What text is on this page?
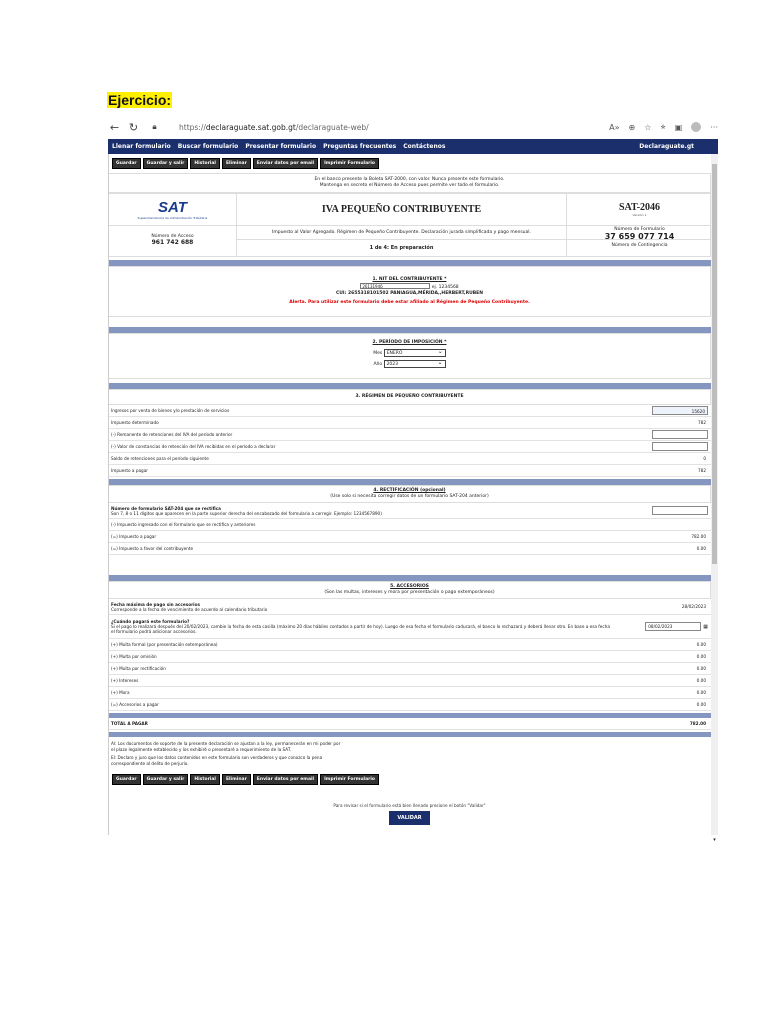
Ejercicio:
← ↻	🔒︎	https://declaraguate.sat.gob.gt/declaraguate-web/	A» ⊕ ☆ ⭐︎ ▣	···
Llenar formulario Buscar formulario Presentar formulario Preguntas frecuentes Contáctenos	Declaraguate.gt
Guardar	Guardar y salir	Historial	Eliminar	Enviar datos por email	Imprimir Formulario
En el banco presente la Boleta SAT-2000, con valor. Nunca presente este formulario.
Mantenga en secreto el Número de Acceso pues permite ver todo el formulario.
SAT
Superintendencia de Administración Tributaria
Número de Acceso
961 742 688
IVA PEQUEÑO CONTRIBUYENTE
Impuesto al Valor Agregado. Régimen de Pequeño Contribuyente. Declaración jurada simplificada y pago mensual.
1 de 4: En preparación
SAT-2046
Versión 1
Número de Formulario
37 659 077 714
Número de Contingencia
1. NIT DEL CONTRIBUYENTE *
26131946	ej. 1234568
CUI: 2655318101502 PANIAGUA,MÉRIDA,,HERBERT,RUBEN
Alerta. Para utilizar este formulario debe estar afiliado al Régimen de Pequeño Contribuyente.
2. PERÍODO DE IMPOSICIÓN *
Mes ENERO ⌄
Año 2023 ⌄
3. RÉGIMEN DE PEQUEÑO CONTRIBUYENTE
Ingresos por venta de bienes y/o prestación de servicios	15620
Impuesto determinado	782
(-) Remanente de retenciones del IVA del período anterior
(-) Valor de constancias de retención del IVA recibidas en el período a declarar
Saldo de retenciones para el período siguiente	0
Impuesto a pagar	782
4. RECTIFICACIÓN (opcional)
(Use solo si necesita corregir datos de un formulario SAT-204 anterior)
Número de formulario SAT-204 que se rectifica
Son 7, 8 o 11 dígitos que aparecen en la parte superior derecha del encabezado del formulario a corregir. Ejemplo: 1234567890)
(-) Impuesto ingresado con el formulario que se rectifica y anteriores
(=) Impuesto a pagar	782.00
(=) Impuesto a favor del contribuyente	0.00
5. ACCESORIOS
(Son las multas, intereses y mora por presentación o pago extemporáneos)
Fecha máxima de pago sin accesorios
Corresponde a la fecha de vencimiento de acuerdo al calendario tributario	28/02/2023
¿Cuándo pagará este formulario?
Si el pago lo realizará después del 20/02/2023, cambie la fecha de esta casilla (máximo 20 días hábiles contados a partir de hoy). Luego de esa fecha el formulario caducará, el banco lo rechazará y deberá llenar otro. En base a esa fecha el formulario podrá adicionar accesorios.
08/02/2023	▦
(+) Multa formal (por presentación extemporánea)	0.00
(+) Multa por omisión	0.00
(+) Multa por rectificación	0.00
(+) Intereses	0.00
(+) Mora	0.00
(=) Accesorios a pagar	0.00
TOTAL A PAGAR	782.00
Al: Los documentos de soporte de la presente declaración se ajustan a la ley, permanecerán en mi poder por el plazo legalmente establecido y los exhibiré o presentaré a requerimiento de la SAT.
El: Declaro y juro que los datos contenidos en este formulario son verdaderos y que conozco la pena correspondiente al delito de perjurio.
Guardar	Guardar y salir	Historial	Eliminar	Enviar datos por email	Imprimir Formulario
Para revisar si el formulario está bien llenado presione el botón "Validar"
VALIDAR
▾
